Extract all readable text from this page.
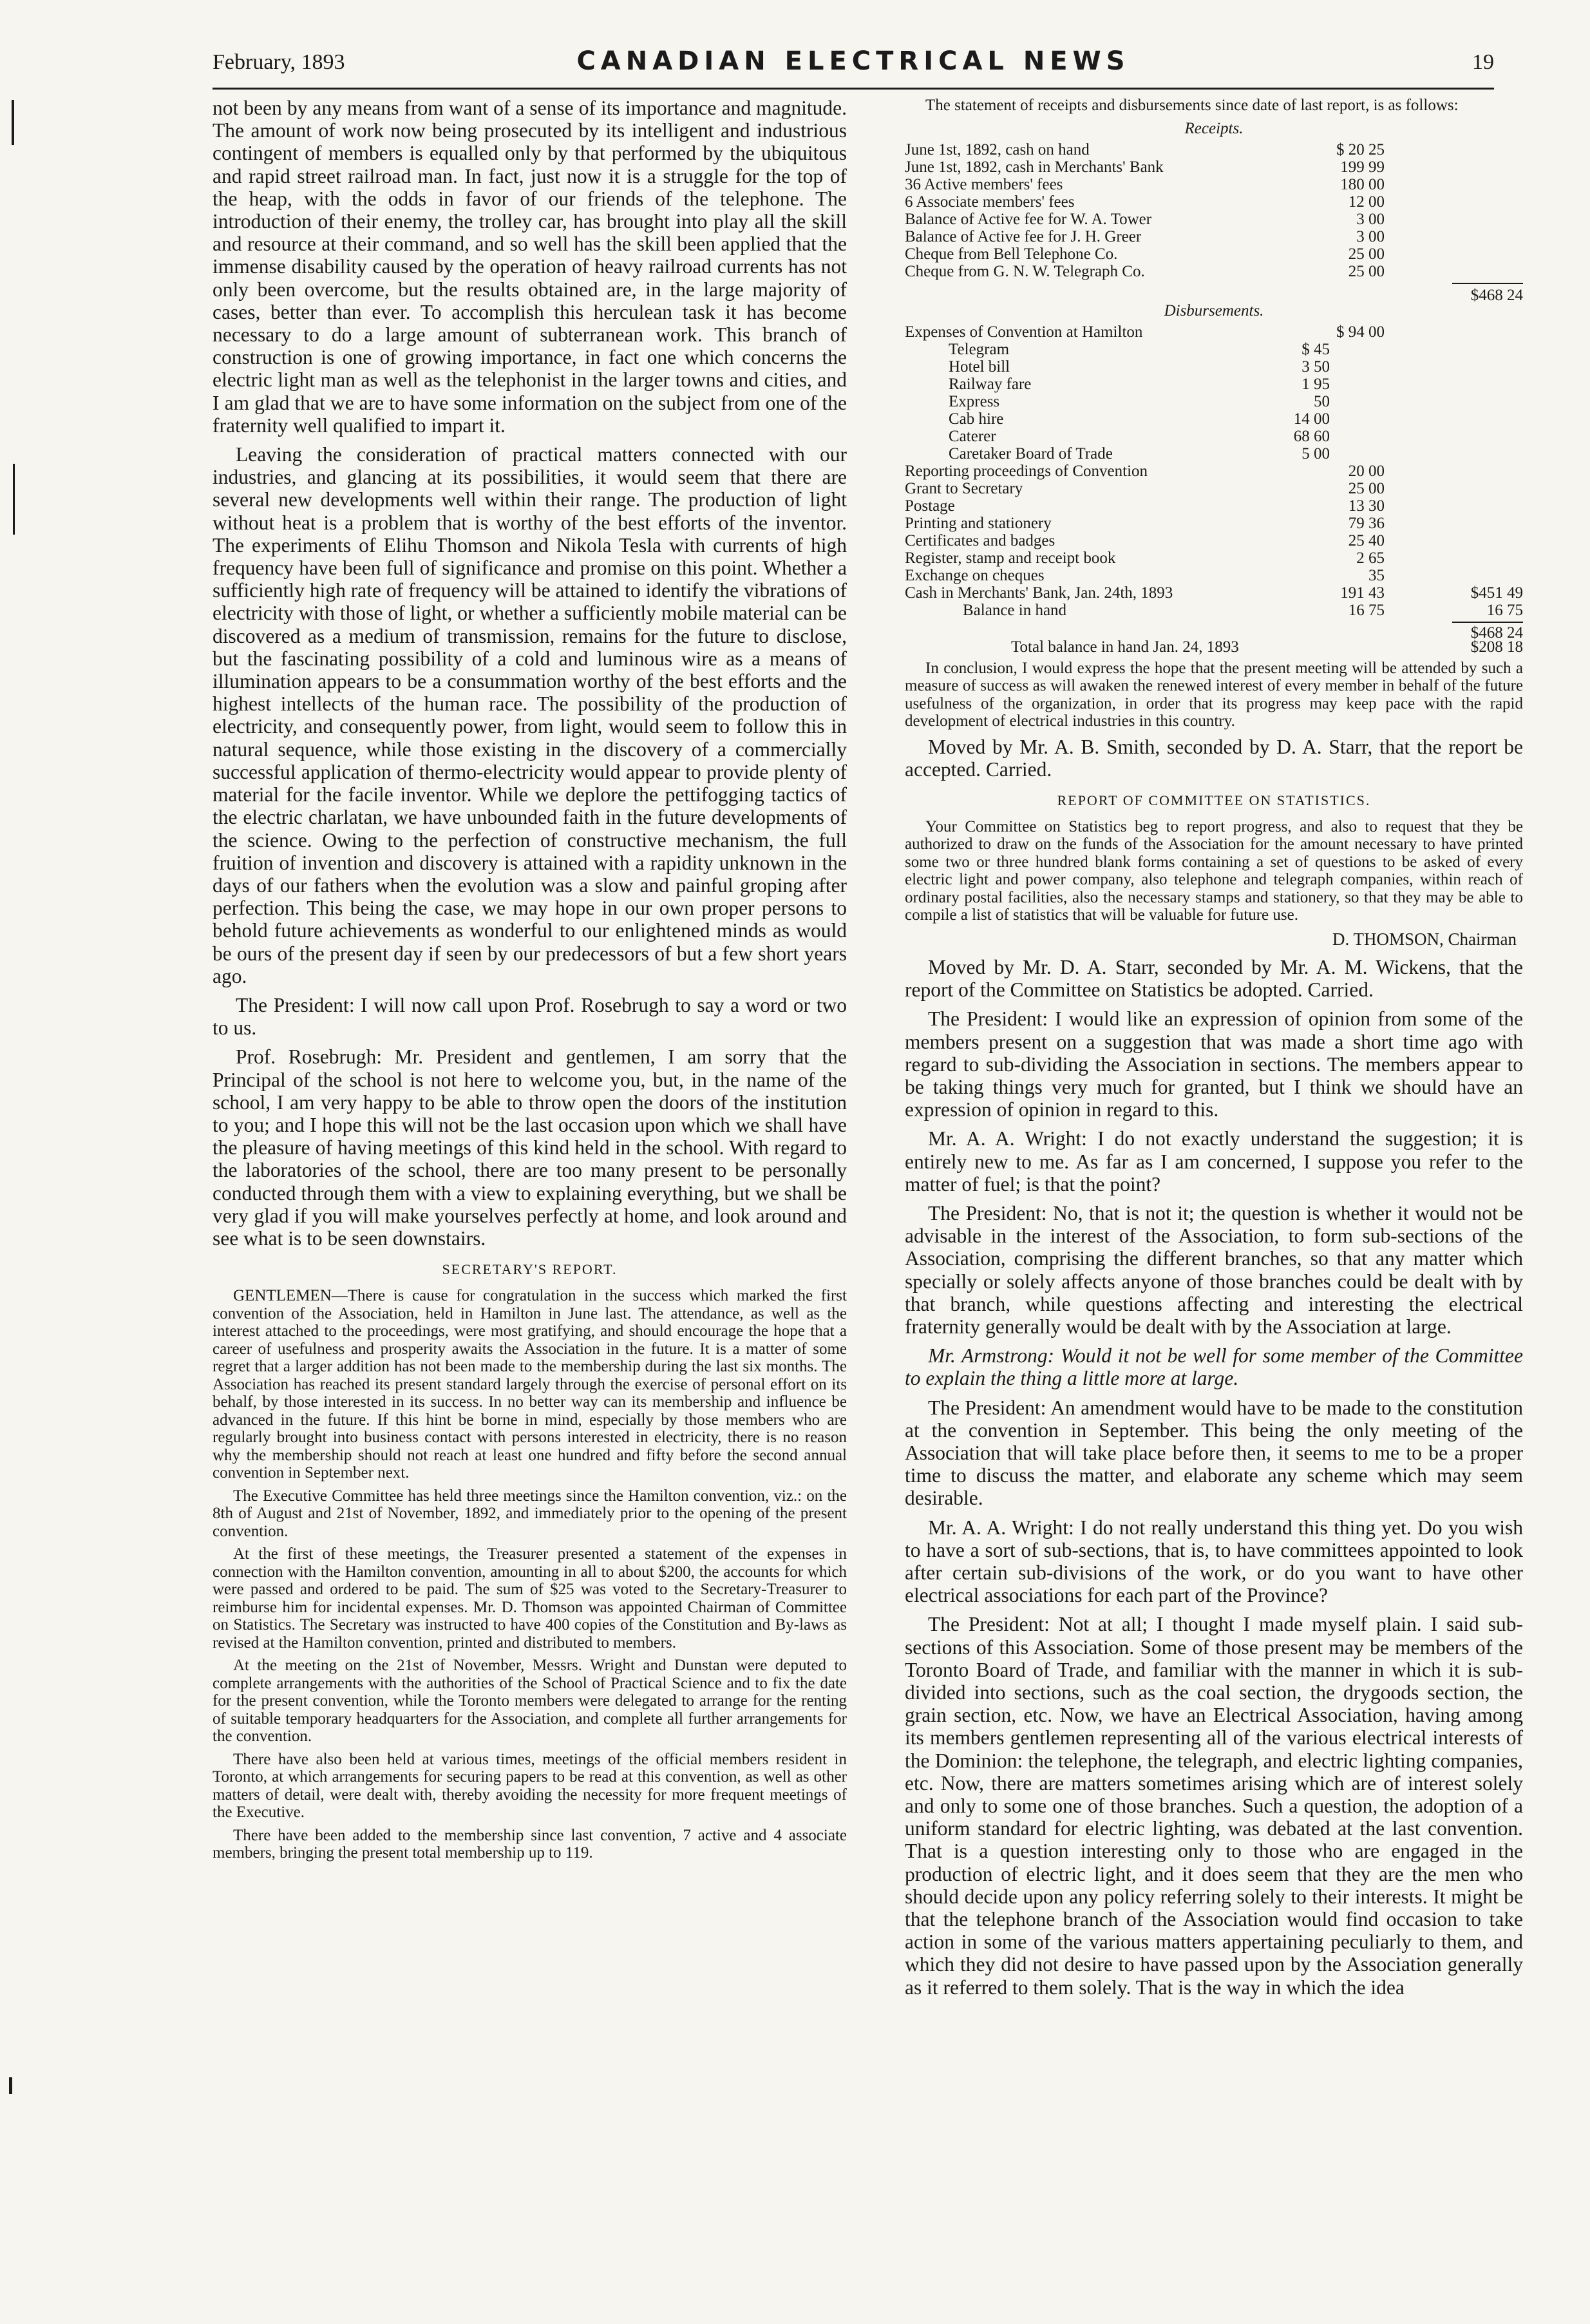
February, 1893	CANADIAN ELECTRICAL NEWS	19

not been by any means from want of a sense of its importance and magnitude. The amount of work now being prosecuted by its intelligent and industrious contingent of members is equalled only by that performed by the ubiquitous and rapid street railroad man. In fact, just now it is a struggle for the top of the heap, with the odds in favor of our friends of the telephone. The introduction of their enemy, the trolley car, has brought into play all the skill and resource at their command, and so well has the skill been applied that the immense disability caused by the operation of heavy railroad currents has not only been overcome, but the results obtained are, in the large majority of cases, better than ever. To accomplish this herculean task it has become necessary to do a large amount of subterranean work. This branch of construction is one of growing importance, in fact one which concerns the electric light man as well as the telephonist in the larger towns and cities, and I am glad that we are to have some information on the subject from one of the fraternity well qualified to impart it.

Leaving the consideration of practical matters connected with our industries, and glancing at its possibilities, it would seem that there are several new developments well within their range. The production of light without heat is a problem that is worthy of the best efforts of the inventor. The experiments of Elihu Thomson and Nikola Tesla with currents of high frequency have been full of significance and promise on this point. Whether a sufficiently high rate of frequency will be attained to identify the vibrations of electricity with those of light, or whether a sufficiently mobile material can be discovered as a medium of transmission, remains for the future to disclose, but the fascinating possibility of a cold and luminous wire as a means of illumination appears to be a consummation worthy of the best efforts and the highest intellects of the human race. The possibility of the production of electricity, and consequently power, from light, would seem to follow this in natural sequence, while those existing in the discovery of a commercially successful application of thermo-electricity would appear to provide plenty of material for the facile inventor. While we deplore the pettifogging tactics of the electric charlatan, we have unbounded faith in the future developments of the science. Owing to the perfection of constructive mechanism, the full fruition of invention and discovery is attained with a rapidity unknown in the days of our fathers when the evolution was a slow and painful groping after perfection. This being the case, we may hope in our own proper persons to behold future achievements as wonderful to our enlightened minds as would be ours of the present day if seen by our predecessors of but a few short years ago.

The President: I will now call upon Prof. Rosebrugh to say a word or two to us.

Prof. Rosebrugh: Mr. President and gentlemen, I am sorry that the Principal of the school is not here to welcome you, but, in the name of the school, I am very happy to be able to throw open the doors of the institution to you; and I hope this will not be the last occasion upon which we shall have the pleasure of having meetings of this kind held in the school. With regard to the laboratories of the school, there are too many present to be personally conducted through them with a view to explaining everything, but we shall be very glad if you will make yourselves perfectly at home, and look around and see what is to be seen downstairs.

SECRETARY'S REPORT.

GENTLEMEN—There is cause for congratulation in the success which marked the first convention of the Association, held in Hamilton in June last. The attendance, as well as the interest attached to the proceedings, were most gratifying, and should encourage the hope that a career of usefulness and prosperity awaits the Association in the future. It is a matter of some regret that a larger addition has not been made to the membership during the last six months. The Association has reached its present standard largely through the exercise of personal effort on its behalf, by those interested in its success. In no better way can its membership and influence be advanced in the future. If this hint be borne in mind, especially by those members who are regularly brought into business contact with persons interested in electricity, there is no reason why the membership should not reach at least one hundred and fifty before the second annual convention in September next.

The Executive Committee has held three meetings since the Hamilton convention, viz.: on the 8th of August and 21st of November, 1892, and immediately prior to the opening of the present convention.

At the first of these meetings, the Treasurer presented a statement of the expenses in connection with the Hamilton convention, amounting in all to about $200, the accounts for which were passed and ordered to be paid. The sum of $25 was voted to the Secretary-Treasurer to reimburse him for incidental expenses. Mr. D. Thomson was appointed Chairman of Committee on Statistics. The Secretary was instructed to have 400 copies of the Constitution and By-laws as revised at the Hamilton convention, printed and distributed to members.

At the meeting on the 21st of November, Messrs. Wright and Dunstan were deputed to complete arrangements with the authorities of the School of Practical Science and to fix the date for the present convention, while the Toronto members were delegated to arrange for the renting of suitable temporary headquarters for the Association, and complete all further arrangements for the convention.

There have also been held at various times, meetings of the official members resident in Toronto, at which arrangements for securing papers to be read at this convention, as well as other matters of detail, were dealt with, thereby avoiding the necessity for more frequent meetings of the Executive.

There have been added to the membership since last convention, 7 active and 4 associate members, bringing the present total membership up to 119.

The statement of receipts and disbursements since date of last report, is as follows:

Receipts.
June 1st, 1892, cash on hand	$ 20 25
June 1st, 1892, cash in Merchants' Bank	199 99
36 Active members' fees	180 00
6 Associate members' fees	12 00
Balance of Active fee for W. A. Tower	3 00
Balance of Active fee for J. H. Greer	3 00
Cheque from Bell Telephone Co.	25 00
Cheque from G. N. W. Telegraph Co.	25 00
$468 24
Disbursements.
Expenses of Convention at Hamilton	$ 94 00
Telegram	$ 45
Hotel bill	3 50
Railway fare	1 95
Express	50
Cab hire	14 00
Caterer	68 60
Caretaker Board of Trade	5 00
Reporting proceedings of Convention	20 00
Grant to Secretary	25 00
Postage	13 30
Printing and stationery	79 36
Certificates and badges	25 40
Register, stamp and receipt book	2 65
Exchange on cheques	35
Cash in Merchants' Bank, Jan. 24th, 1893	191 43	$451 49
Balance in hand	16 75	16 75
$468 24
Total balance in hand Jan. 24, 1893	$208 18

In conclusion, I would express the hope that the present meeting will be attended by such a measure of success as will awaken the renewed interest of every member in behalf of the future usefulness of the organization, in order that its progress may keep pace with the rapid development of electrical industries in this country.

Moved by Mr. A. B. Smith, seconded by D. A. Starr, that the report be accepted. Carried.

REPORT OF COMMITTEE ON STATISTICS.

Your Committee on Statistics beg to report progress, and also to request that they be authorized to draw on the funds of the Association for the amount necessary to have printed some two or three hundred blank forms containing a set of questions to be asked of every electric light and power company, also telephone and telegraph companies, within reach of ordinary postal facilities, also the necessary stamps and stationery, so that they may be able to compile a list of statistics that will be valuable for future use.

D. THOMSON, Chairman

Moved by Mr. D. A. Starr, seconded by Mr. A. M. Wickens, that the report of the Committee on Statistics be adopted. Carried.

The President: I would like an expression of opinion from some of the members present on a suggestion that was made a short time ago with regard to sub-dividing the Association in sections. The members appear to be taking things very much for granted, but I think we should have an expression of opinion in regard to this.

Mr. A. A. Wright: I do not exactly understand the suggestion; it is entirely new to me. As far as I am concerned, I suppose you refer to the matter of fuel; is that the point?

The President: No, that is not it; the question is whether it would not be advisable in the interest of the Association, to form sub-sections of the Association, comprising the different branches, so that any matter which specially or solely affects anyone of those branches could be dealt with by that branch, while questions affecting and interesting the electrical fraternity generally would be dealt with by the Association at large.

Mr. Armstrong: Would it not be well for some member of the Committee to explain the thing a little more at large.

The President: An amendment would have to be made to the constitution at the convention in September. This being the only meeting of the Association that will take place before then, it seems to me to be a proper time to discuss the matter, and elaborate any scheme which may seem desirable.

Mr. A. A. Wright: I do not really understand this thing yet. Do you wish to have a sort of sub-sections, that is, to have committees appointed to look after certain sub-divisions of the work, or do you want to have other electrical associations for each part of the Province?

The President: Not at all; I thought I made myself plain. I said sub-sections of this Association. Some of those present may be members of the Toronto Board of Trade, and familiar with the manner in which it is sub-divided into sections, such as the coal section, the drygoods section, the grain section, etc. Now, we have an Electrical Association, having among its members gentlemen representing all of the various electrical interests of the Dominion: the telephone, the telegraph, and electric lighting companies, etc. Now, there are matters sometimes arising which are of interest solely and only to some one of those branches. Such a question, the adoption of a uniform standard for electric lighting, was debated at the last convention. That is a question interesting only to those who are engaged in the production of electric light, and it does seem that they are the men who should decide upon any policy referring solely to their interests. It might be that the telephone branch of the Association would find occasion to take action in some of the various matters appertaining peculiarly to them, and which they did not desire to have passed upon by the Association generally as it referred to them solely. That is the way in which the idea
